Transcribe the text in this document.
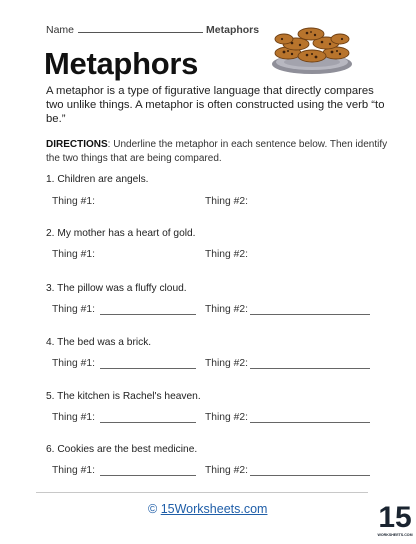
Name	Metaphors
Metaphors
A metaphor is a type of figurative language that directly compares two unlike things. A metaphor is often constructed using the verb “to be.”
DIRECTIONS: Underline the metaphor in each sentence below. Then identify the two things that are being compared.
1. Children are angels.
Thing #1:	Thing #2:
2. My mother has a heart of gold.
Thing #1:	Thing #2:
3. The pillow was a fluffy cloud.
Thing #1:	Thing #2:
4. The bed was a brick.
Thing #1:	Thing #2:
5. The kitchen is Rachel's heaven.
Thing #1:	Thing #2:
6. Cookies are the best medicine.
Thing #1:	Thing #2:
© 15Worksheets.com	15
WORKSHEETS.COM
